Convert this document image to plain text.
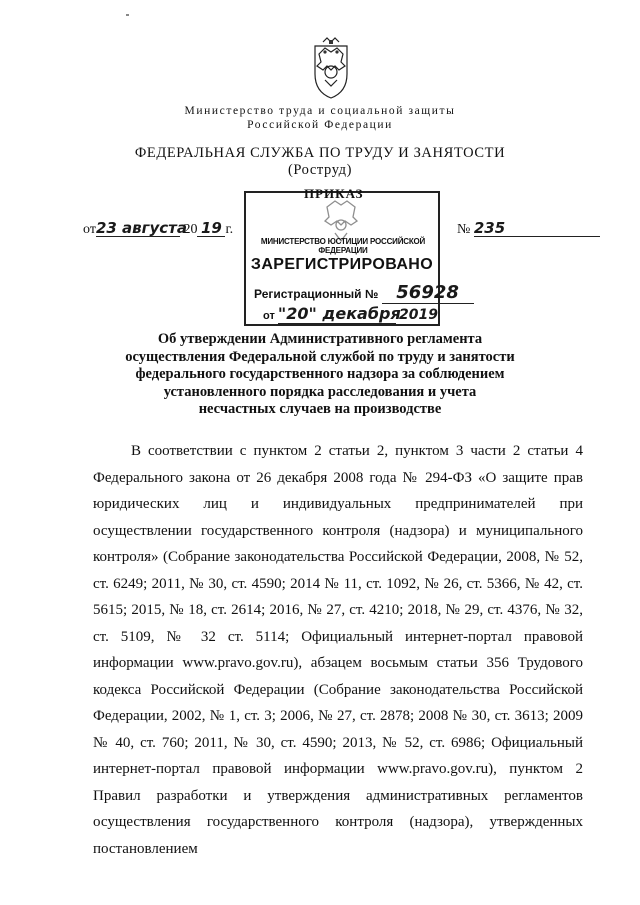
Министерство труда и социальной защиты
Российской Федерации
ФЕДЕРАЛЬНАЯ СЛУЖБА ПО ТРУДУ И ЗАНЯТОСТИ
(Роструд)
ПРИКАЗ
МИНИСТЕРСТВО ЮСТИЦИИ РОССИЙСКОЙ ФЕДЕРАЦИИ
ЗАРЕГИСТРИРОВАНО
Регистрационный № 56928
от "20" декабря 2019
от23 августа 20 19 г.	№ 235
Об утверждении Административного регламента
осуществления Федеральной службой по труду и занятости
федерального государственного надзора за соблюдением
установленного порядка расследования и учета
несчастных случаев на производстве

В соответствии с пунктом 2 статьи 2, пунктом 3 части 2 статьи 4 Федерального закона от 26 декабря 2008 года № 294-ФЗ «О защите прав юридических лиц и индивидуальных предпринимателей при осуществлении государственного контроля (надзора) и муниципального контроля» (Собрание законодательства Российской Федерации, 2008, № 52, ст. 6249; 2011, № 30, ст. 4590; 2014 № 11, ст. 1092, № 26, ст. 5366, № 42, ст. 5615; 2015, № 18, ст. 2614; 2016, № 27, ст. 4210; 2018, № 29, ст. 4376, № 32, ст. 5109, № 32 ст. 5114; Официальный интернет-портал правовой информации www.pravo.gov.ru), абзацем восьмым статьи 356 Трудового кодекса Российской Федерации (Собрание законодательства Российской Федерации, 2002, № 1, ст. 3; 2006, № 27, ст. 2878; 2008 № 30, ст. 3613; 2009 № 40, ст. 760; 2011, № 30, ст. 4590; 2013, № 52, ст. 6986; Официальный интернет-портал правовой информации www.pravo.gov.ru), пунктом 2 Правил разработки и утверждения административных регламентов осуществления государственного контроля (надзора), утвержденных постановлением
